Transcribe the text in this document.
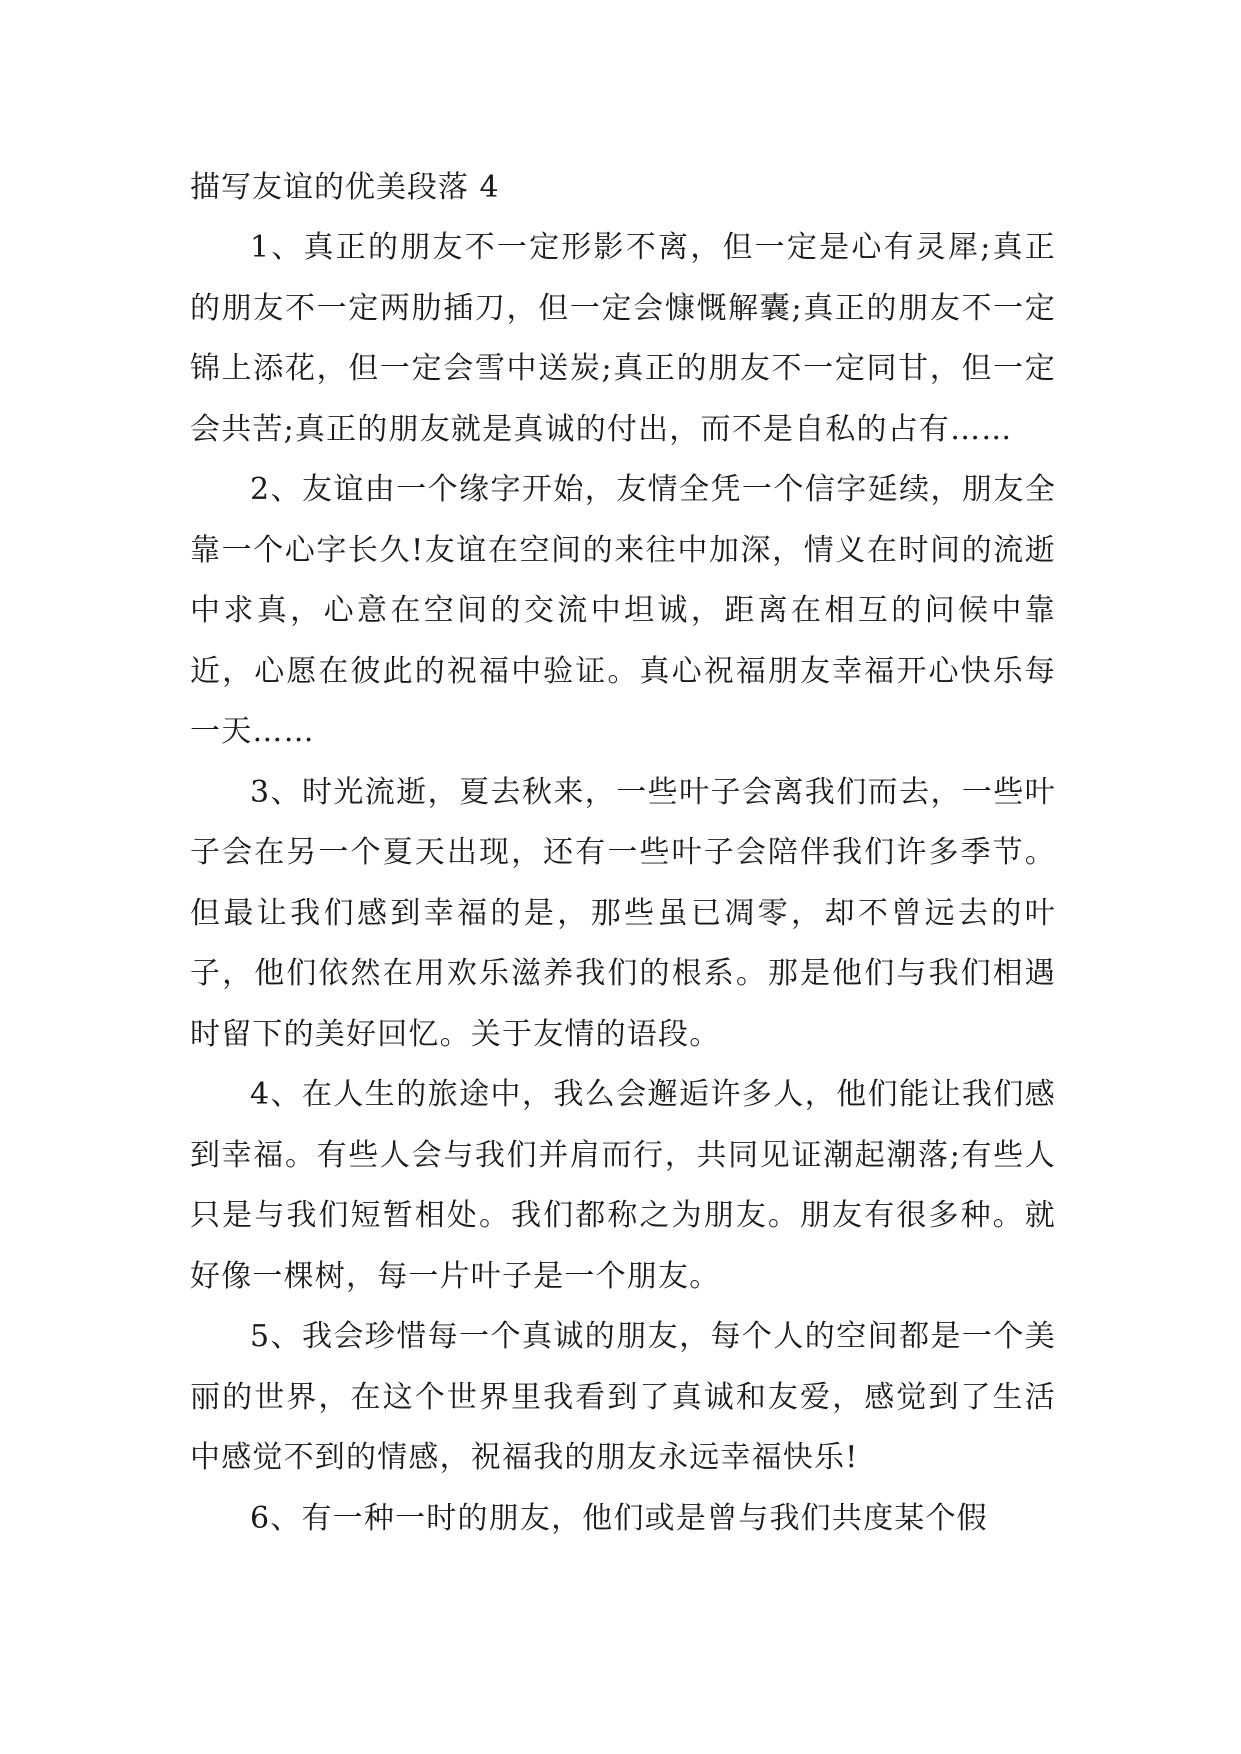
描写友谊的优美段落 4

1、真正的朋友不一定形影不离，但一定是心有灵犀;真正的朋友不一定两肋插刀，但一定会慷慨解囊;真正的朋友不一定锦上添花，但一定会雪中送炭;真正的朋友不一定同甘，但一定会共苦;真正的朋友就是真诚的付出，而不是自私的占有……

2、友谊由一个缘字开始，友情全凭一个信字延续，朋友全靠一个心字长久!友谊在空间的来往中加深，情义在时间的流逝中求真，心意在空间的交流中坦诚，距离在相互的问候中靠近，心愿在彼此的祝福中验证。真心祝福朋友幸福开心快乐每一天……

3、时光流逝，夏去秋来，一些叶子会离我们而去，一些叶子会在另一个夏天出现，还有一些叶子会陪伴我们许多季节。但最让我们感到幸福的是，那些虽已凋零，却不曾远去的叶子，他们依然在用欢乐滋养我们的根系。那是他们与我们相遇时留下的美好回忆。关于友情的语段。

4、在人生的旅途中，我么会邂逅许多人，他们能让我们感到幸福。有些人会与我们并肩而行，共同见证潮起潮落;有些人只是与我们短暂相处。我们都称之为朋友。朋友有很多种。就好像一棵树，每一片叶子是一个朋友。

5、我会珍惜每一个真诚的朋友，每个人的空间都是一个美丽的世界，在这个世界里我看到了真诚和友爱，感觉到了生活中感觉不到的情感，祝福我的朋友永远幸福快乐!

6、有一种一时的朋友，他们或是曾与我们共度某个假
